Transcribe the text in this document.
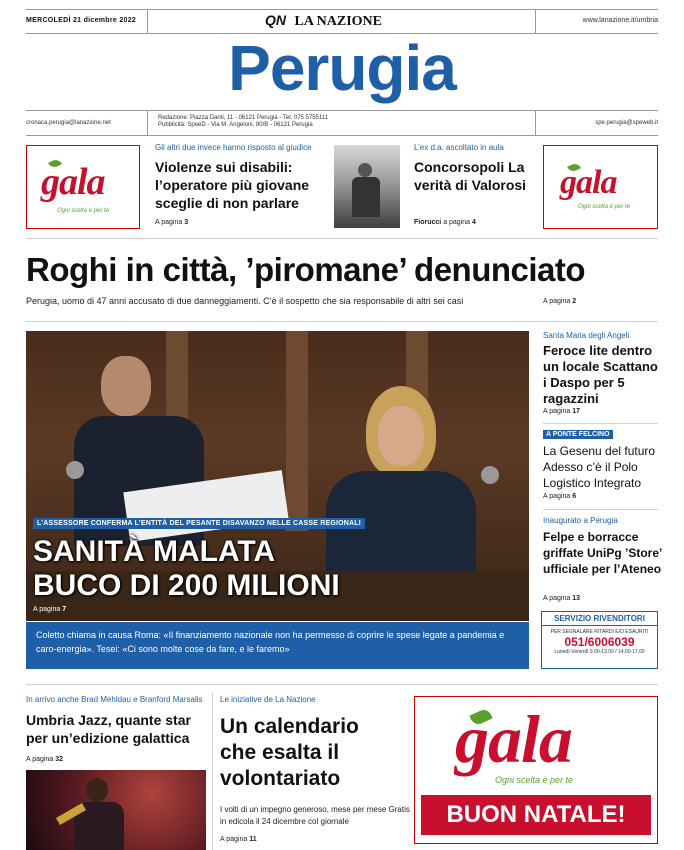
MERCOLEDÌ 21 dicembre 2022	QN LA NAZIONE	www.lanazione.it/umbria
Perugia
cronaca.perugia@lanazione.net
Redazione: Piazza Danti, 11 - 06121 Perugia - Tel. 075 5755111
Pubblicità: SpeeD - Via M. Angeloni, 80/B - 06121 Perugia	spe.perugia@speweb.it
gala
Ogni scelta è per te
Gli altri due invece hanno risposto al giudice
Violenze sui disabili: l’operatore più giovane sceglie di non parlare
A pagina 3
L’ex d.a. ascoltato in aula
Concorsopoli La verità di Valorosi
Fiorucci a pagina 4
gala
Ogni scelta è per te
Roghi in città, ’piromane’ denunciato
Perugia, uomo di 47 anni accusato di due danneggiamenti. C’è il sospetto che sia responsabile di altri sei casi	A pagina 2
L’ASSESSORE CONFERMA L’ENTITÀ DEL PESANTE DISAVANZO NELLE CASSE REGIONALI
SANITÀ MALATA
BUCO DI 200 MILIONI
A pagina 7
Coletto chiama in causa Roma: «Il finanziamento nazionale non ha permesso di coprire le spese legate a pandemia e caro-energia». Tesei: «Ci sono molte cose da fare, e le faremo»
Santa Maria degli Angeli
Feroce lite dentro un locale Scattano i Daspo per 5 ragazzini
A pagina 17
A PONTE FELCINO
La Gesenu del futuro Adesso c’è il Polo Logistico Integrato
A pagina 6
Inaugurato a Perugia
Felpe e borracce griffate UniPg ’Store’ ufficiale per l’Ateneo
A pagina 13
SERVIZIO RIVENDITORI
PER SEGNALARE RITARDI E/O ESAURITI
051/6006039
Lunedì-Venerdì 9.00-13.00 / 14.00-17.00
In arrivo anche Brad Mehldau e Branford Marsalis
Umbria Jazz, quante star per un’edizione galattica
A pagina 32
Le iniziative de La Nazione
Un calendario che esalta il volontariato
I volti di un impegno generoso, mese per mese Gratis in edicola il 24 dicembre col giornale
A pagina 11
gala
Ogni scelta è per te
BUON NATALE!
